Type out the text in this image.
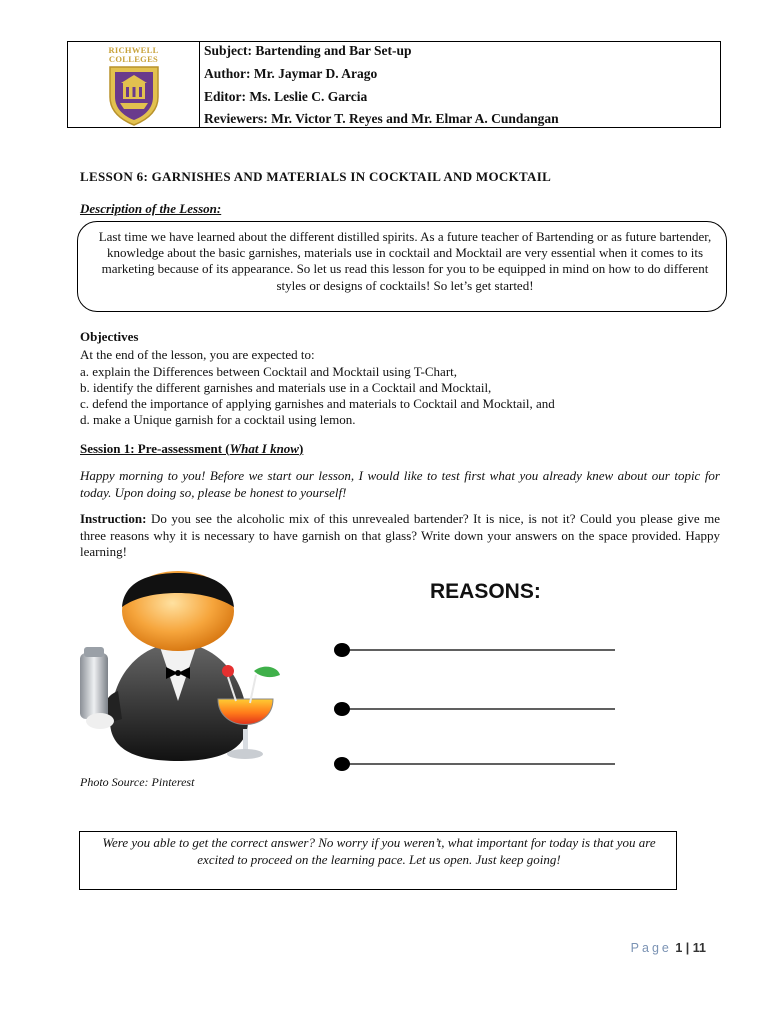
RICHWELL
COLLEGES
Subject: Bartending and Bar Set-up
Author: Mr. Jaymar D. Arago
Editor: Ms. Leslie C. Garcia
Reviewers: Mr. Victor T. Reyes and Mr. Elmar A. Cundangan
LESSON 6: GARNISHES AND MATERIALS IN COCKTAIL AND MOCKTAIL
Description of the Lesson:
Last time we have learned about the different distilled spirits. As a future teacher of Bartending or as future bartender, knowledge about the basic garnishes, materials use in cocktail and Mocktail are very essential when it comes to its marketing because of its appearance. So let us read this lesson for you to be equipped in mind on how to do different styles or designs of cocktails! So let’s get started!
Objectives
At the end of the lesson, you are expected to:
a. explain the Differences between Cocktail and Mocktail using T-Chart,
b. identify the different garnishes and materials use in a Cocktail and Mocktail,
c. defend the importance of applying garnishes and materials to Cocktail and Mocktail, and
d. make a Unique garnish for a cocktail using lemon.
Session 1: Pre-assessment (What I know)
Happy morning to you! Before we start our lesson, I would like to test first what you already knew about our topic for today. Upon doing so, please be honest to yourself!
Instruction: Do you see the alcoholic mix of this unrevealed bartender? It is nice, is not it? Could you please give me three reasons why it is necessary to have garnish on that glass? Write down your answers on the space provided. Happy learning!
Photo Source: Pinterest
REASONS:
Were you able to get the correct answer? No worry if you weren’t, what important for today is that you are excited to proceed on the learning pace. Let us open. Just keep going!
Page 1 | 11
